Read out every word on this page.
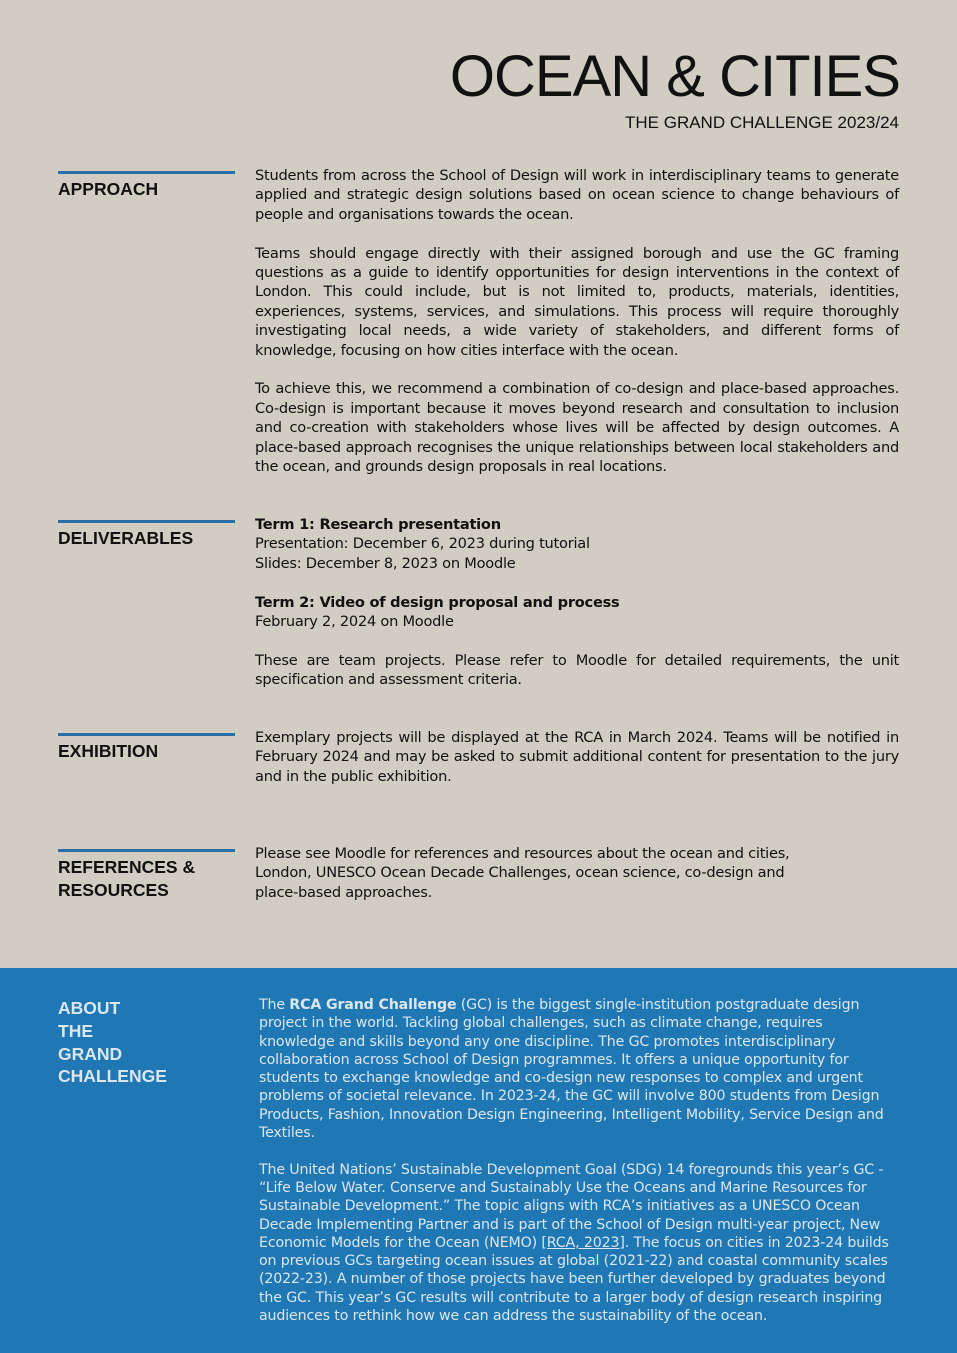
OCEAN & CITIES
THE GRAND CHALLENGE 2023/24
APPROACH

Students from across the School of Design will work in interdisciplinary teams to generate applied and strategic design solutions based on ocean science to change behaviours of people and organisations towards the ocean.

Teams should engage directly with their assigned borough and use the GC framing questions as a guide to identify opportunities for design interventions in the context of London. This could include, but is not limited to, products, materials, identities, experiences, systems, services, and simulations. This process will require thoroughly investigating local needs, a wide variety of stakeholders, and different forms of knowledge, focusing on how cities interface with the ocean.

To achieve this, we recommend a combination of co-design and place-based approaches. Co-design is important because it moves beyond research and consultation to inclusion and co-creation with stakeholders whose lives will be affected by design outcomes. A place-based approach recognises the unique relationships between local stakeholders and the ocean, and grounds design proposals in real locations.

DELIVERABLES

Term 1: Research presentation
Presentation: December 6, 2023 during tutorial
Slides: December 8, 2023 on Moodle

Term 2: Video of design proposal and process
February 2, 2024 on Moodle

These are team projects. Please refer to Moodle for detailed requirements, the unit specification and assessment criteria.

EXHIBITION

Exemplary projects will be displayed at the RCA in March 2024. Teams will be notified in February 2024 and may be asked to submit additional content for presentation to the jury and in the public exhibition.

REFERENCES &
RESOURCES

Please see Moodle for references and resources about the ocean and cities,
London, UNESCO Ocean Decade Challenges, ocean science, co-design and
place-based approaches.

ABOUT
THE
GRAND
CHALLENGE

The RCA Grand Challenge (GC) is the biggest single-institution postgraduate design project in the world. Tackling global challenges, such as climate change, requires knowledge and skills beyond any one discipline. The GC promotes interdisciplinary collaboration across School of Design programmes. It offers a unique opportunity for students to exchange knowledge and co-design new responses to complex and urgent problems of societal relevance. In 2023-24, the GC will involve 800 students from Design Products, Fashion, Innovation Design Engineering, Intelligent Mobility, Service Design and Textiles.

The United Nations’ Sustainable Development Goal (SDG) 14 foregrounds this year’s GC - “Life Below Water. Conserve and Sustainably Use the Oceans and Marine Resources for Sustainable Development.” The topic aligns with RCA’s initiatives as a UNESCO Ocean Decade Implementing Partner and is part of the School of Design multi-year project, New Economic Models for the Ocean (NEMO) [RCA, 2023]. The focus on cities in 2023-24 builds on previous GCs targeting ocean issues at global (2021-22) and coastal community scales (2022-23). A number of those projects have been further developed by graduates beyond the GC. This year’s GC results will contribute to a larger body of design research inspiring audiences to rethink how we can address the sustainability of the ocean.
